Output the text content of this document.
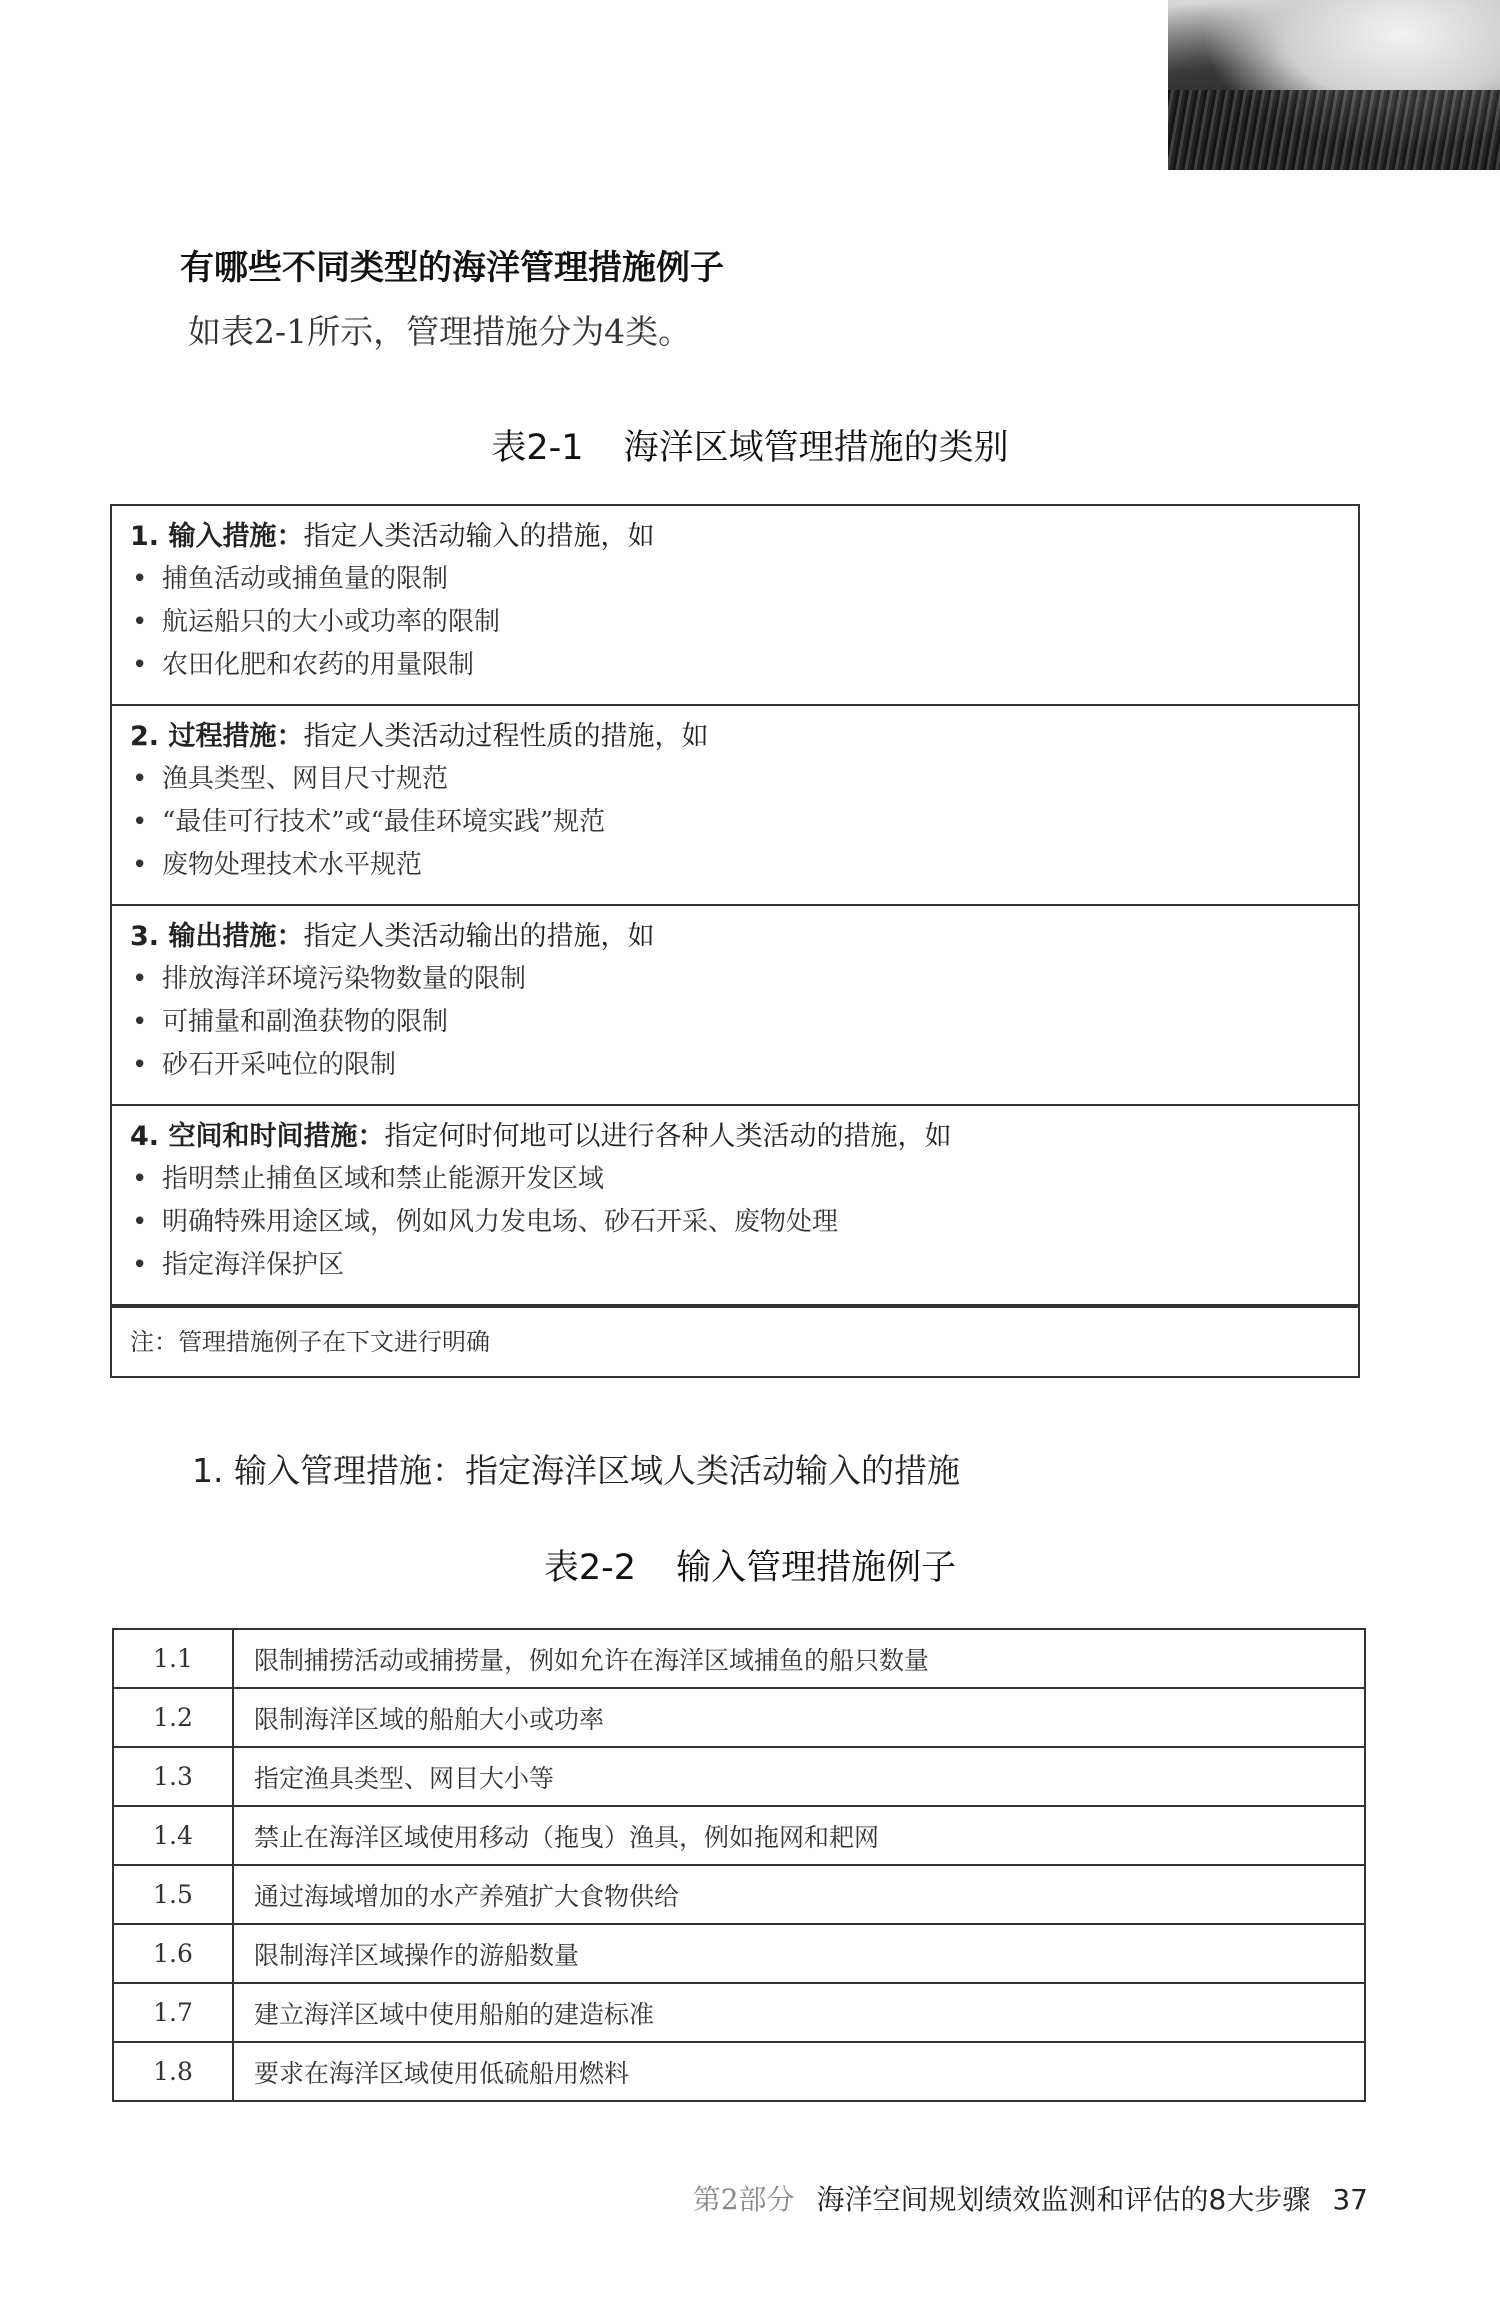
有哪些不同类型的海洋管理措施例子
如表2-1所示，管理措施分为4类。
表2-1 海洋区域管理措施的类别
1. 输入措施：指定人类活动输入的措施，如
• 捕鱼活动或捕鱼量的限制
• 航运船只的大小或功率的限制
• 农田化肥和农药的用量限制
2. 过程措施：指定人类活动过程性质的措施，如
• 渔具类型、网目尺寸规范
• “最佳可行技术”或“最佳环境实践”规范
• 废物处理技术水平规范
3. 输出措施：指定人类活动输出的措施，如
• 排放海洋环境污染物数量的限制
• 可捕量和副渔获物的限制
• 砂石开采吨位的限制
4. 空间和时间措施：指定何时何地可以进行各种人类活动的措施，如
• 指明禁止捕鱼区域和禁止能源开发区域
• 明确特殊用途区域，例如风力发电场、砂石开采、废物处理
• 指定海洋保护区
注：管理措施例子在下文进行明确
1. 输入管理措施：指定海洋区域人类活动输入的措施
表2-2 输入管理措施例子
1.1	限制捕捞活动或捕捞量，例如允许在海洋区域捕鱼的船只数量
1.2	限制海洋区域的船舶大小或功率
1.3	指定渔具类型、网目大小等
1.4	禁止在海洋区域使用移动（拖曳）渔具，例如拖网和耙网
1.5	通过海域增加的水产养殖扩大食物供给
1.6	限制海洋区域操作的游船数量
1.7	建立海洋区域中使用船舶的建造标准
1.8	要求在海洋区域使用低硫船用燃料
第2部分 海洋空间规划绩效监测和评估的8大步骤 37
